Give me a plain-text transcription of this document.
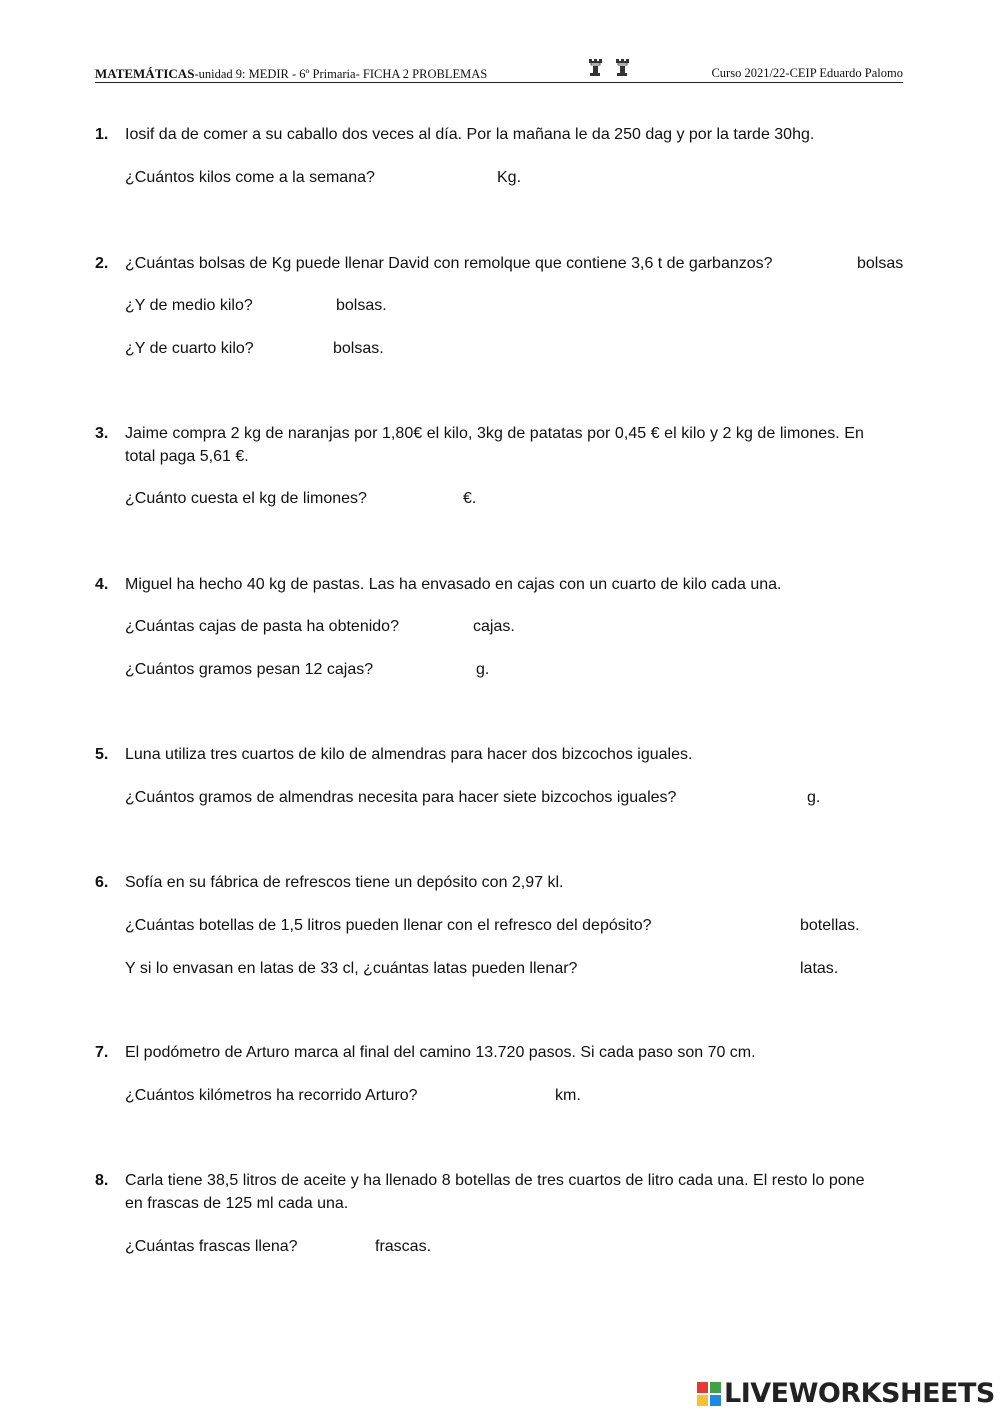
MATEMÁTICAS-unidad 9: MEDIR - 6º Primaria- FICHA 2 PROBLEMAS	Curso 2021/22-CEIP Eduardo Palomo
1. Iosif da de comer a su caballo dos veces al día. Por la mañana le da 250 dag y por la tarde 30hg.
¿Cuántos kilos come a la semana?	Kg.
2. ¿Cuántas bolsas de Kg puede llenar David con remolque que contiene 3,6 t de garbanzos?	bolsas
¿Y de medio kilo?	bolsas.
¿Y de cuarto kilo?	bolsas.
3. Jaime compra 2 kg de naranjas por 1,80€ el kilo, 3kg de patatas por 0,45 € el kilo y 2 kg de limones. En
total paga 5,61 €.
¿Cuánto cuesta el kg de limones?	€.
4. Miguel ha hecho 40 kg de pastas. Las ha envasado en cajas con un cuarto de kilo cada una.
¿Cuántas cajas de pasta ha obtenido?	cajas.
¿Cuántos gramos pesan 12 cajas?	g.
5. Luna utiliza tres cuartos de kilo de almendras para hacer dos bizcochos iguales.
¿Cuántos gramos de almendras necesita para hacer siete bizcochos iguales?	g.
6. Sofía en su fábrica de refrescos tiene un depósito con 2,97 kl.
¿Cuántas botellas de 1,5 litros pueden llenar con el refresco del depósito?	botellas.
Y si lo envasan en latas de 33 cl, ¿cuántas latas pueden llenar?	latas.
7. El podómetro de Arturo marca al final del camino 13.720 pasos. Si cada paso son 70 cm.
¿Cuántos kilómetros ha recorrido Arturo?	km.
8. Carla tiene 38,5 litros de aceite y ha llenado 8 botellas de tres cuartos de litro cada una. El resto lo pone
en frascas de 125 ml cada una.
¿Cuántas frascas llena?	frascas.
LIVEWORKSHEETS
